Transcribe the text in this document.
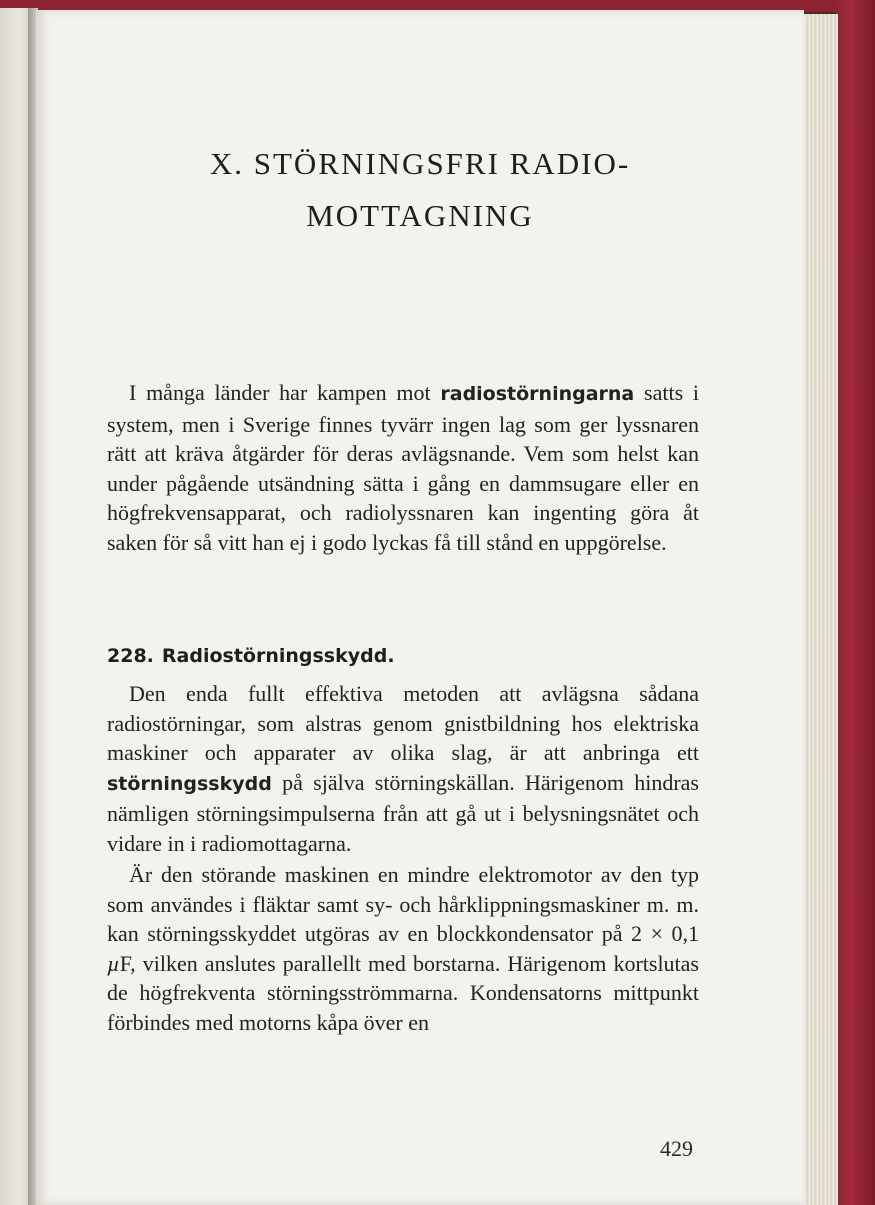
X. STÖRNINGSFRI RADIO-
MOTTAGNING

I många länder har kampen mot radiostörningarna satts i system, men i Sverige finnes tyvärr ingen lag som ger lyssnaren rätt att kräva åtgärder för deras avlägsnande. Vem som helst kan under pågående utsändning sätta i gång en dammsugare eller en högfrekvensapparat, och radiolyssnaren kan ingenting göra åt saken för så vitt han ej i godo lyckas få till stånd en uppgörelse.

228. Radiostörningsskydd.

Den enda fullt effektiva metoden att avlägsna sådana radiostörningar, som alstras genom gnistbildning hos elektriska maskiner och apparater av olika slag, är att anbringa ett störningsskydd på själva störningskällan. Härigenom hindras nämligen störningsimpulserna från att gå ut i belysningsnätet och vidare in i radiomottagarna.

Är den störande maskinen en mindre elektromotor av den typ som användes i fläktar samt sy- och hårklippningsmaskiner m. m. kan störningsskyddet utgöras av en blockkondensator på 2 × 0,1 µF, vilken anslutes parallellt med borstarna. Härigenom kortslutas de högfrekventa störningsströmmarna. Kondensatorns mittpunkt förbindes med motorns kåpa över en

429
